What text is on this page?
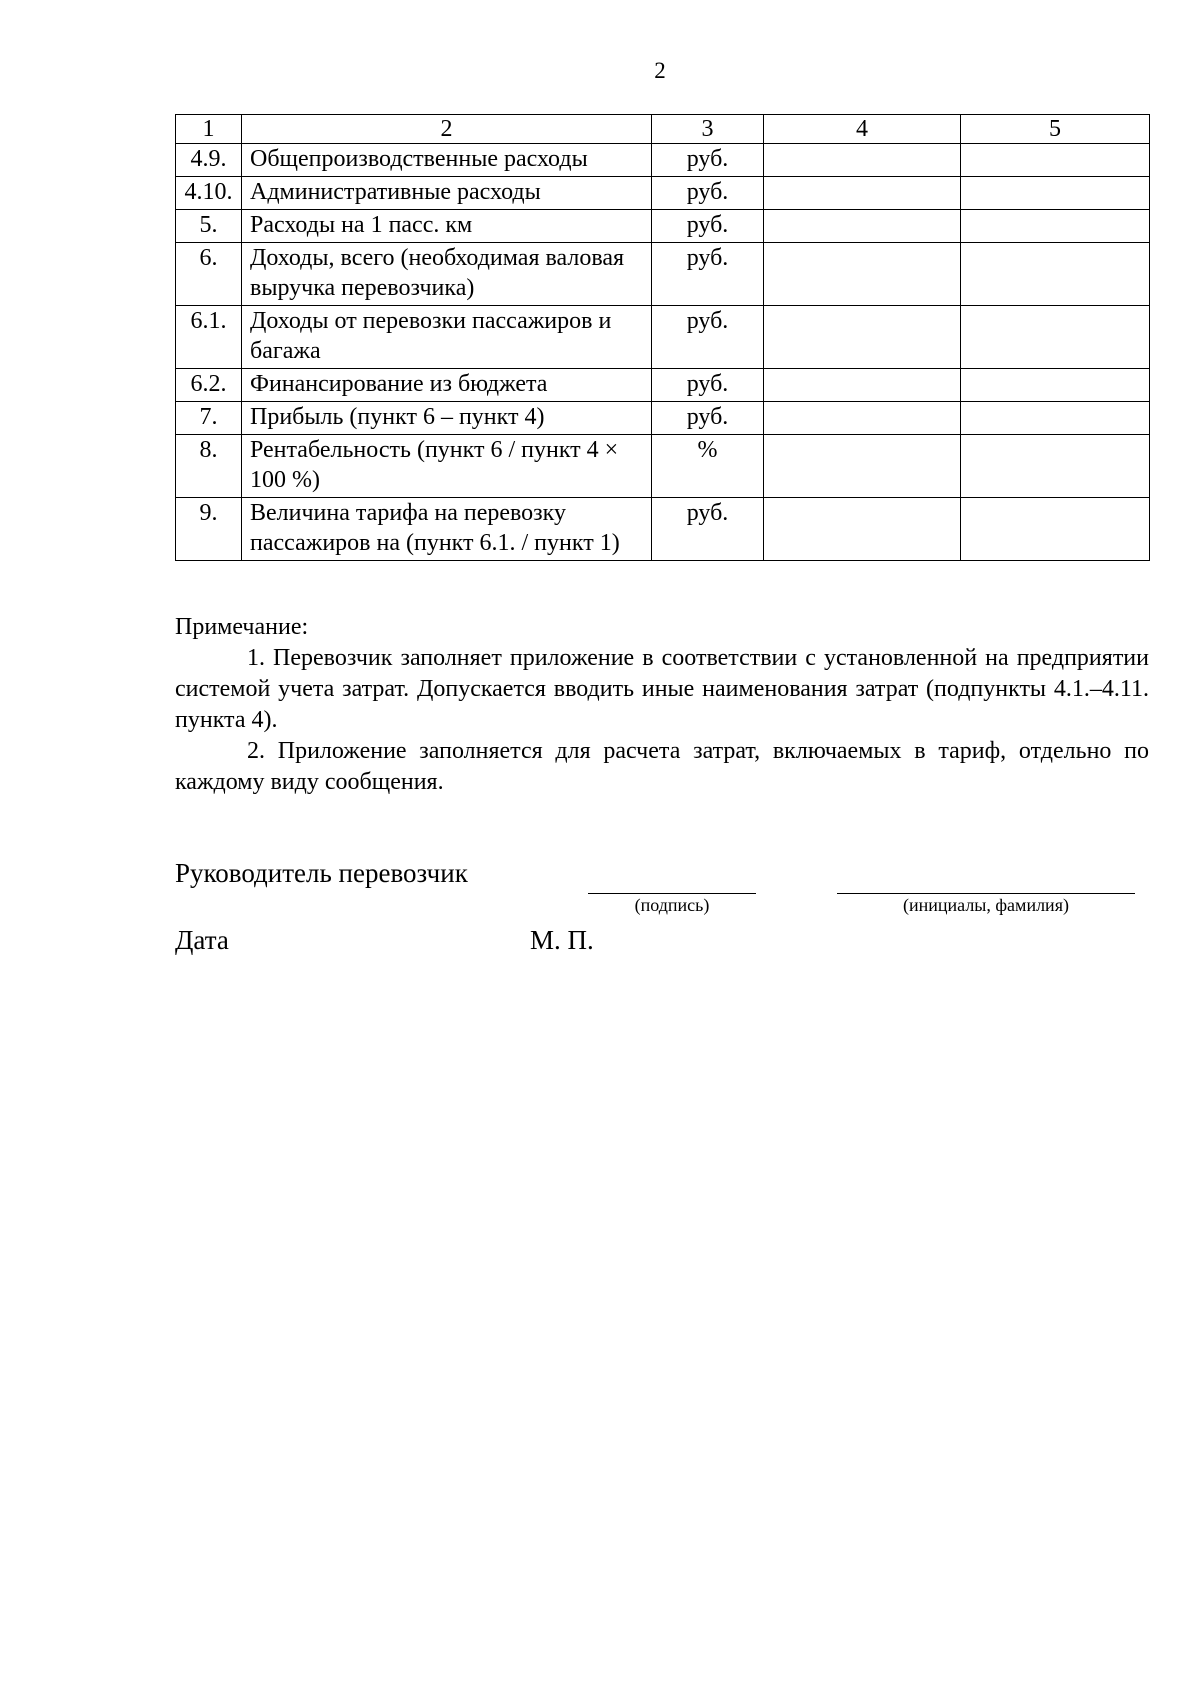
2
1	2	3	4	5
4.9.	Общепроизводственные расходы	руб.		
4.10.	Административные расходы	руб.		
5.	Расходы на 1 пасс. км	руб.		
6.	Доходы, всего (необходимая валовая выручка перевозчика)	руб.		
6.1.	Доходы от перевозки пассажиров и багажа	руб.		
6.2.	Финансирование из бюджета	руб.		
7.	Прибыль (пункт 6 – пункт 4)	руб.		
8.	Рентабельность (пункт 6 / пункт 4 × 100 %)	%		
9.	Величина тарифа на перевозку пассажиров на (пункт 6.1. / пункт 1)	руб.		

Примечание:

1. Перевозчик заполняет приложение в соответствии с установленной на предприятии системой учета затрат. Допускается вводить иные наименования затрат (подпункты 4.1.–4.11. пункта 4).

2. Приложение заполняется для расчета затрат, включаемых в тариф, отдельно по каждому виду сообщения.

Руководитель перевозчик
(подпись)	(инициалы, фамилия)
Дата	М. П.
